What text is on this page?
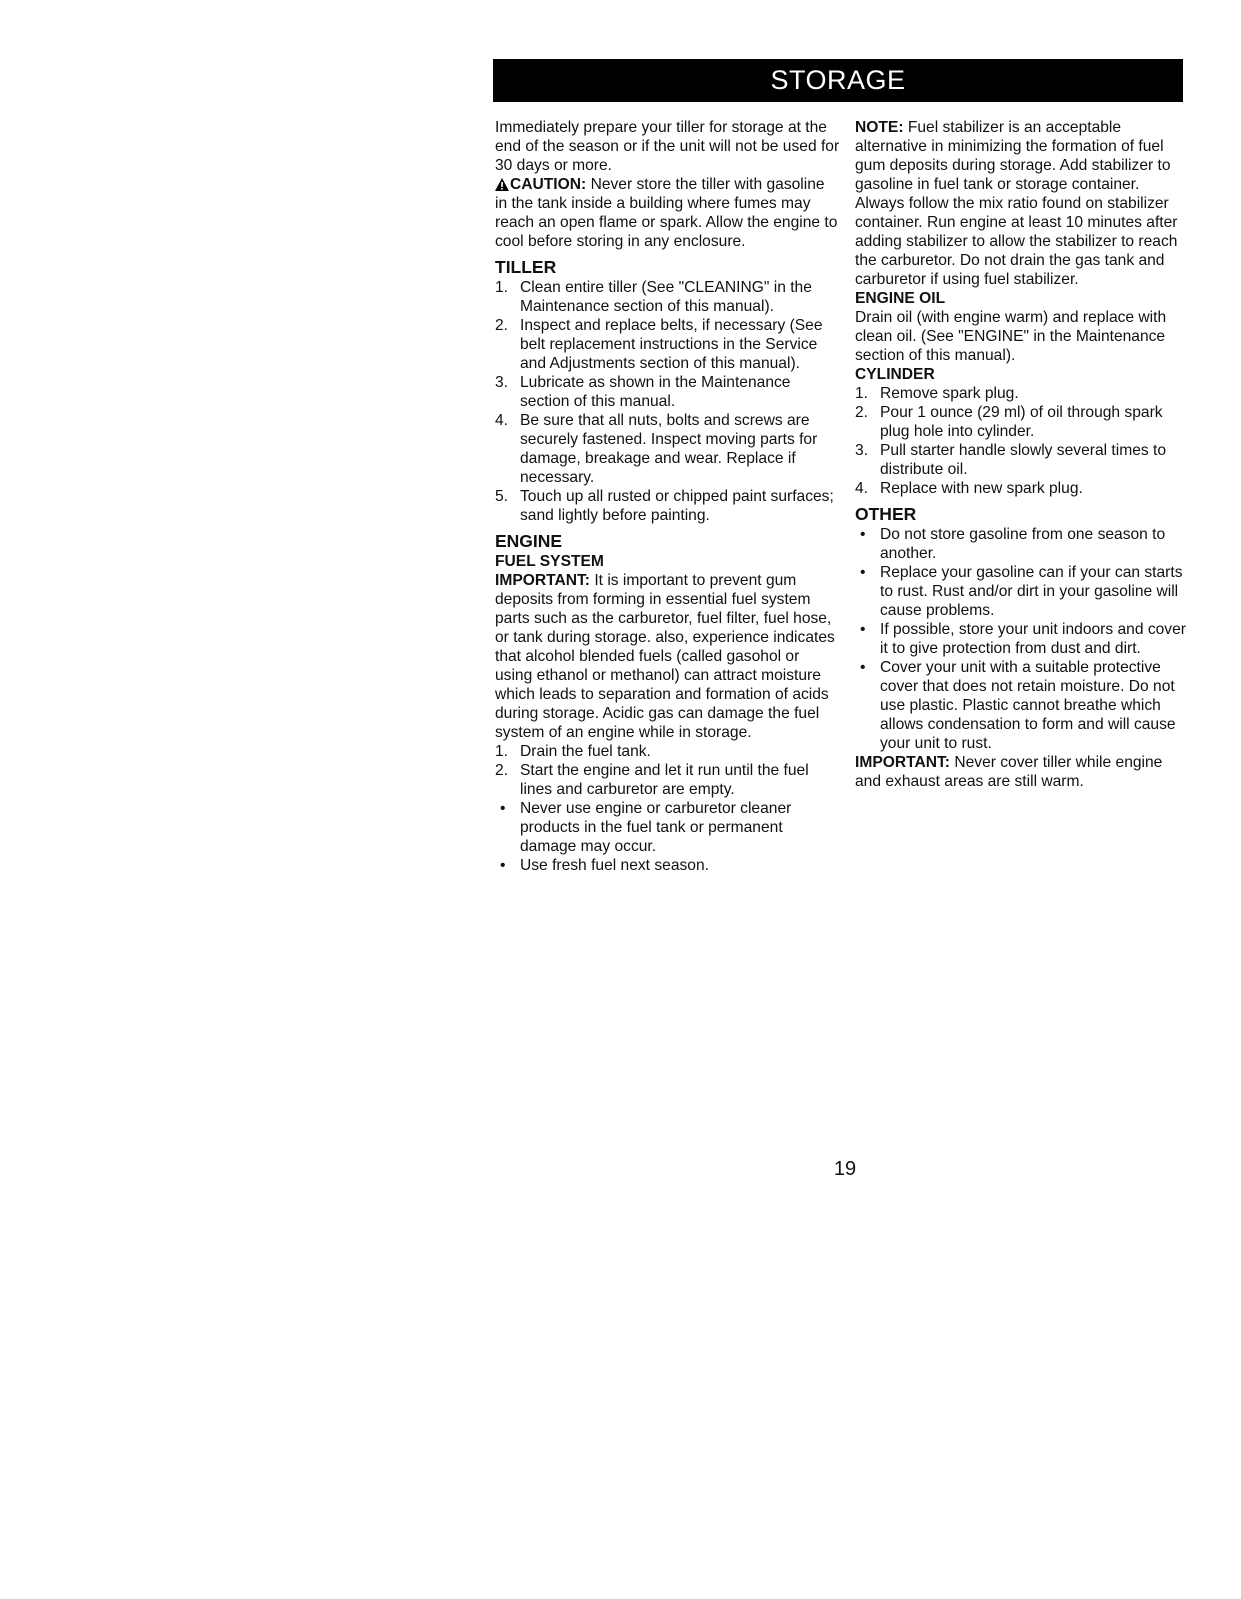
STORAGE

Immediately prepare your tiller for storage at the end of the season or if the unit will not be used for 30 days or more.

CAUTION: Never store the tiller with gasoline in the tank inside a building where fumes may reach an open flame or spark. Allow the engine to cool before storing in any enclosure.

TILLER
1. Clean entire tiller (See "CLEANING" in the Maintenance section of this manual).
2. Inspect and replace belts, if necessary (See belt replacement instructions in the Service and Adjustments section of this manual).
3. Lubricate as shown in the Maintenance section of this manual.
4. Be sure that all nuts, bolts and screws are securely fastened. Inspect moving parts for damage, breakage and wear. Replace if necessary.
5. Touch up all rusted or chipped paint surfaces; sand lightly before painting.
ENGINE
FUEL SYSTEM

IMPORTANT: It is important to prevent gum deposits from forming in essential fuel system parts such as the carburetor, fuel filter, fuel hose, or tank during storage. also, experience indicates that alcohol blended fuels (called gasohol or using ethanol or methanol) can attract moisture which leads to separation and formation of acids during storage. Acidic gas can damage the fuel system of an engine while in storage.

1. Drain the fuel tank.
2. Start the engine and let it run until the fuel lines and carburetor are empty.
• Never use engine or carburetor cleaner products in the fuel tank or permanent damage may occur.
• Use fresh fuel next season.

NOTE: Fuel stabilizer is an acceptable alternative in minimizing the formation of fuel gum deposits during storage. Add stabilizer to gasoline in fuel tank or storage container. Always follow the mix ratio found on stabilizer container. Run engine at least 10 minutes after adding stabilizer to allow the stabilizer to reach the carburetor. Do not drain the gas tank and carburetor if using fuel stabilizer.

ENGINE OIL

Drain oil (with engine warm) and replace with clean oil. (See "ENGINE" in the Maintenance section of this manual).

CYLINDER
1. Remove spark plug.
2. Pour 1 ounce (29 ml) of oil through spark plug hole into cylinder.
3. Pull starter handle slowly several times to distribute oil.
4. Replace with new spark plug.
OTHER
• Do not store gasoline from one season to another.
• Replace your gasoline can if your can starts to rust. Rust and/or dirt in your gasoline will cause problems.
• If possible, store your unit indoors and cover it to give protection from dust and dirt.
• Cover your unit with a suitable protective cover that does not retain moisture. Do not use plastic. Plastic cannot breathe which allows condensation to form and will cause your unit to rust.

IMPORTANT: Never cover tiller while engine and exhaust areas are still warm.

19
